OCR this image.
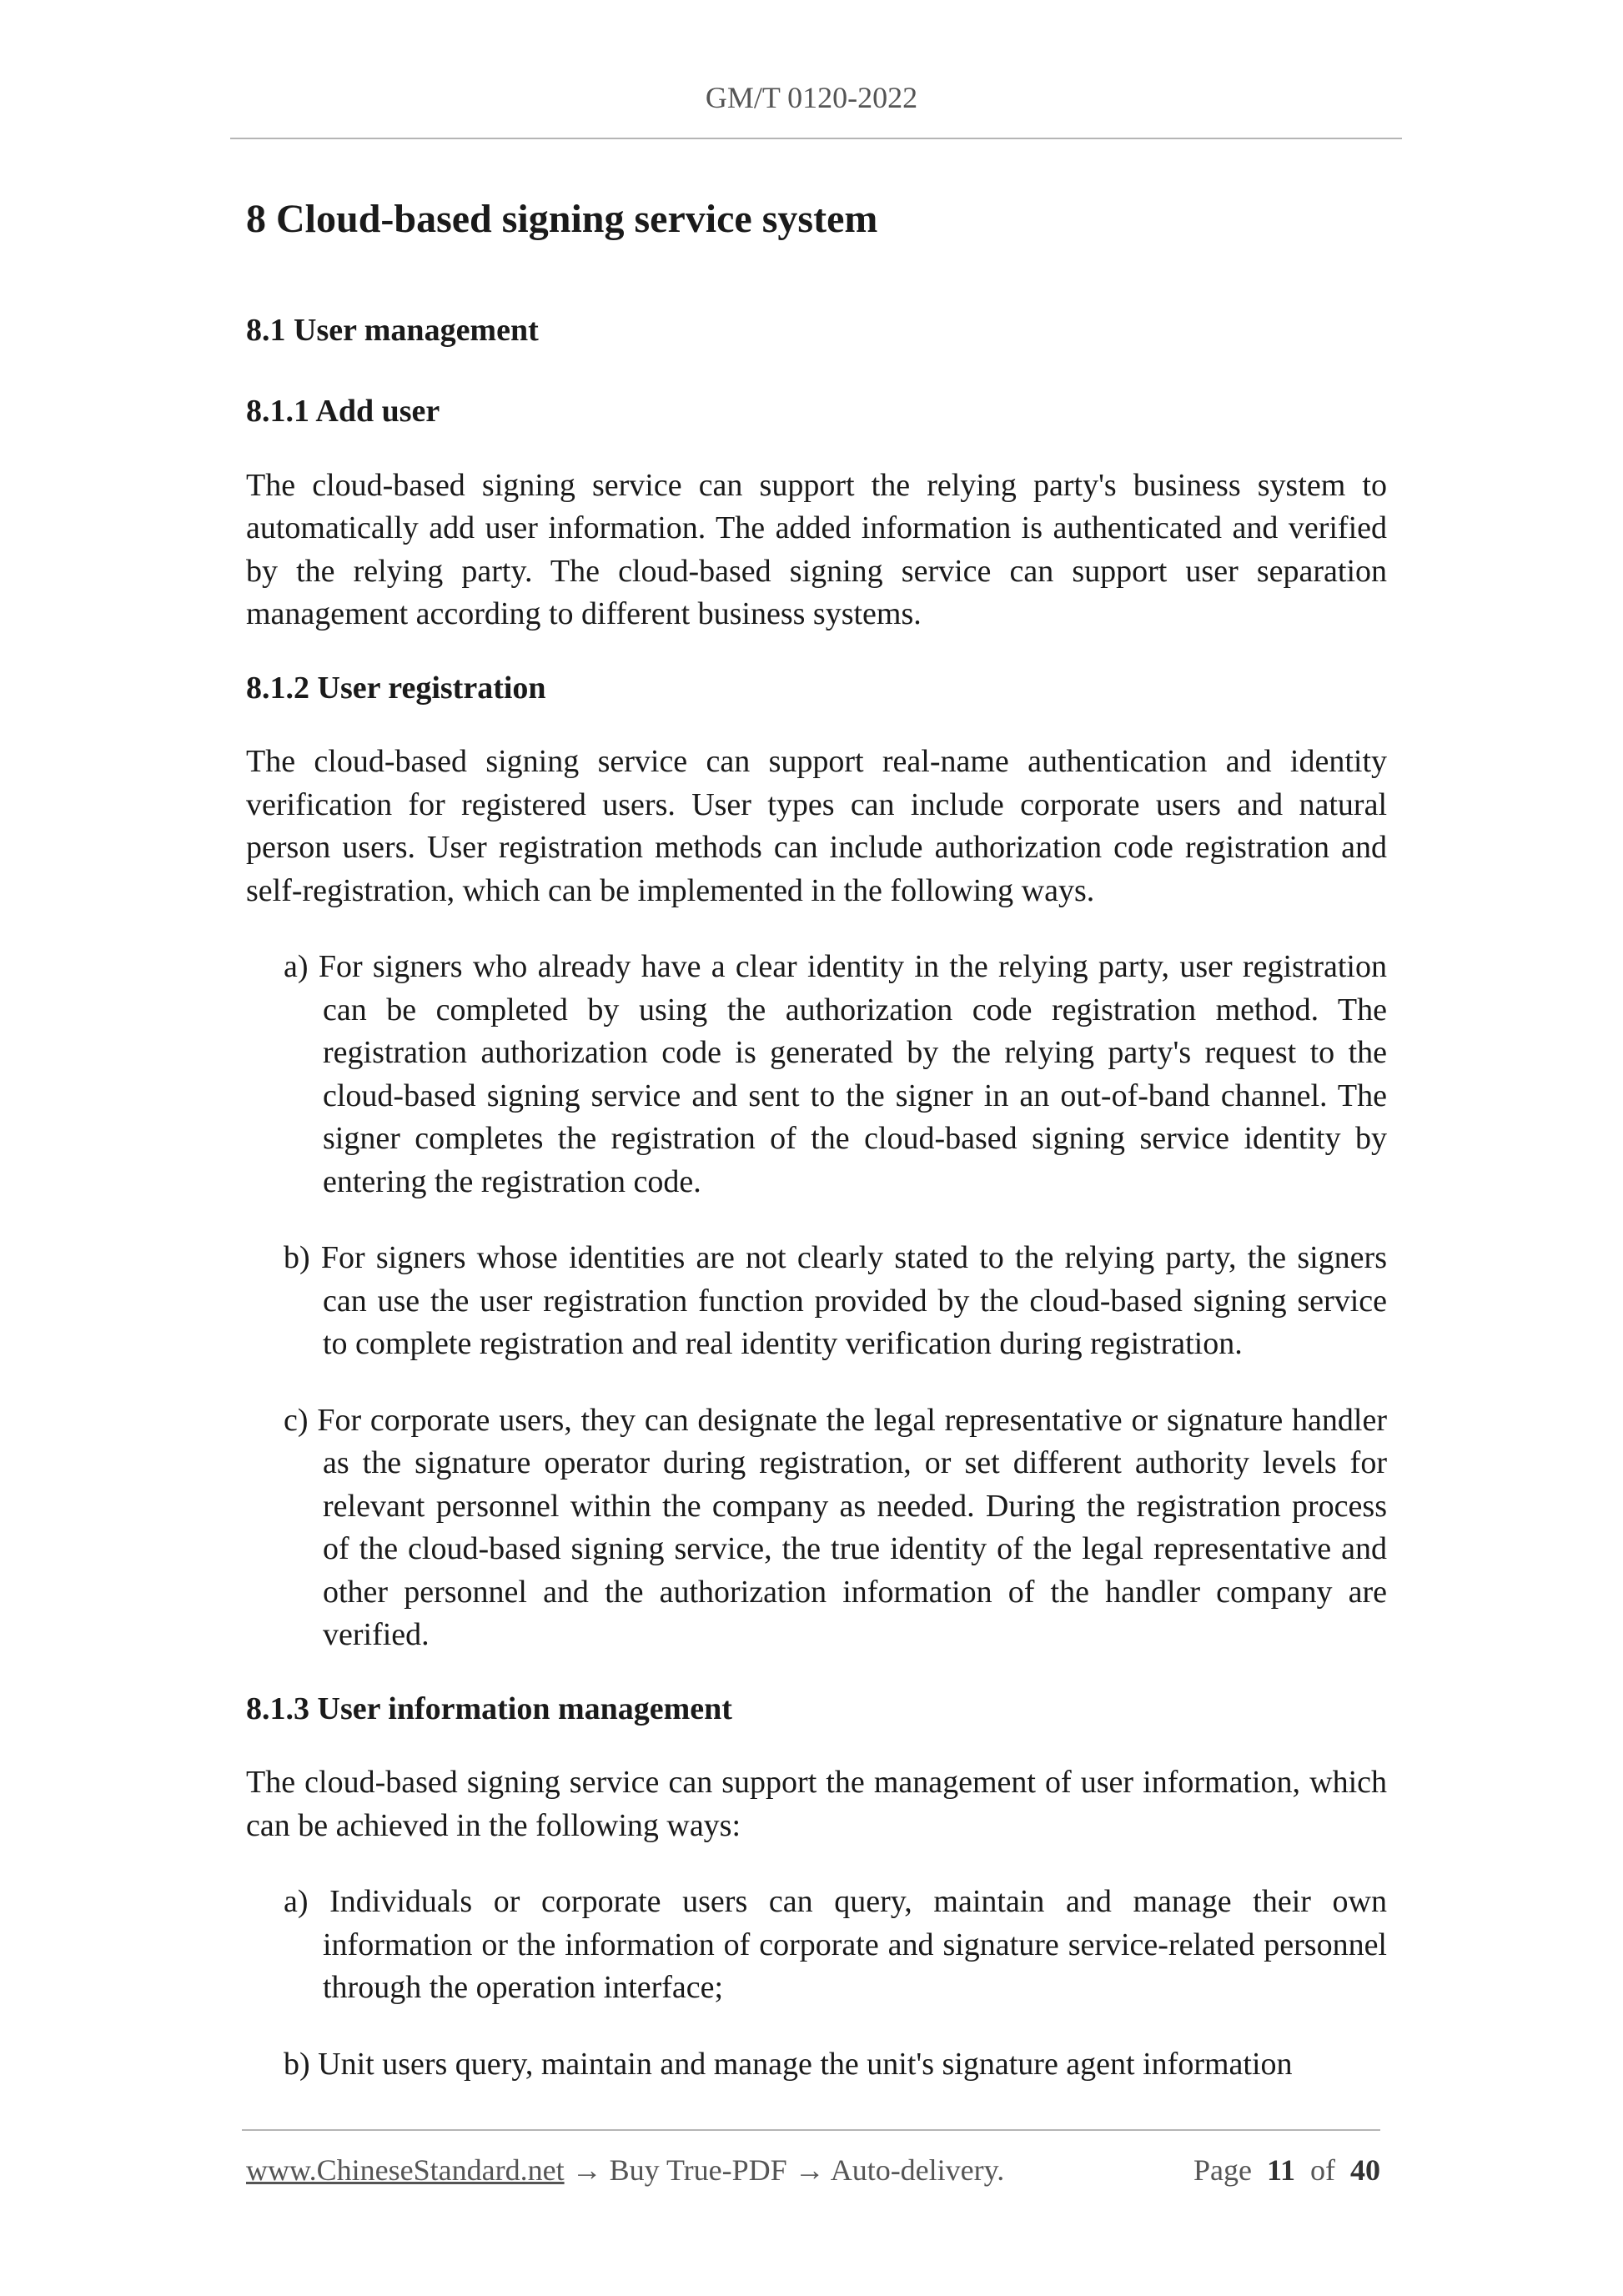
GM/T 0120-2022
8 Cloud-based signing service system
8.1 User management
8.1.1 Add user

The cloud-based signing service can support the relying party's business system to automatically add user information. The added information is authenticated and verified by the relying party. The cloud-based signing service can support user separation management according to different business systems.

8.1.2 User registration

The cloud-based signing service can support real-name authentication and identity verification for registered users. User types can include corporate users and natural person users. User registration methods can include authorization code registration and self-registration, which can be implemented in the following ways.

a) For signers who already have a clear identity in the relying party, user registration can be completed by using the authorization code registration method. The registration authorization code is generated by the relying party's request to the cloud-based signing service and sent to the signer in an out-of-band channel. The signer completes the registration of the cloud-based signing service identity by entering the registration code.
b) For signers whose identities are not clearly stated to the relying party, the signers can use the user registration function provided by the cloud-based signing service to complete registration and real identity verification during registration.
c) For corporate users, they can designate the legal representative or signature handler as the signature operator during registration, or set different authority levels for relevant personnel within the company as needed. During the registration process of the cloud-based signing service, the true identity of the legal representative and other personnel and the authorization information of the handler company are verified.
8.1.3 User information management

The cloud-based signing service can support the management of user information, which can be achieved in the following ways:

a) Individuals or corporate users can query, maintain and manage their own information or the information of corporate and signature service-related personnel through the operation interface;
b) Unit users query, maintain and manage the unit's signature agent information
www.ChineseStandard.net → Buy True-PDF → Auto-delivery.	Page 11 of 40
